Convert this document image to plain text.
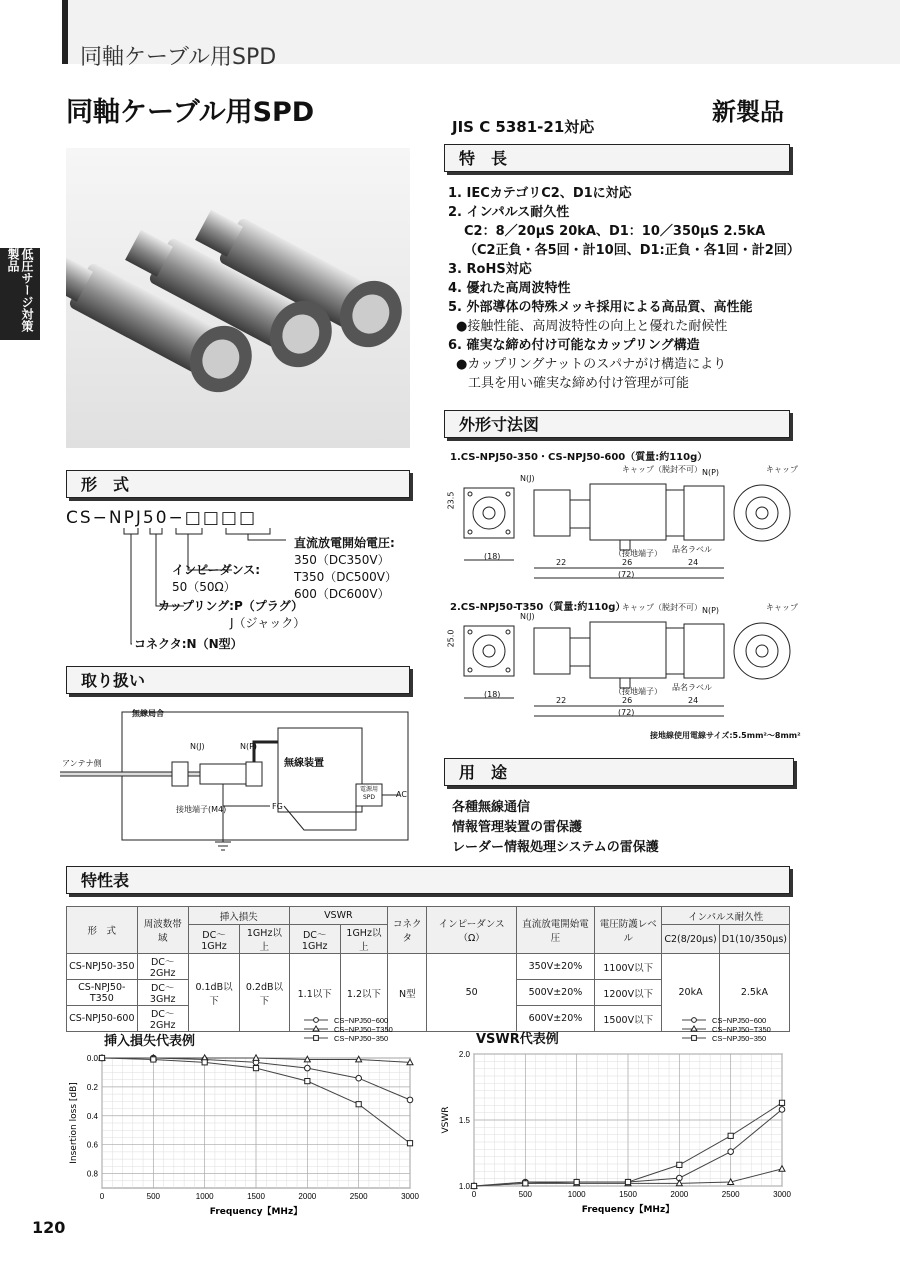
同軸ケーブル用SPD
低圧サージ対策製品
同軸ケーブル用SPD	JIS C 5381-21対応
新製品
特　長
1. IECカテゴリC2、D1に対応
2. インパルス耐久性
C2：8／20μS 20kA、D1：10／350μS 2.5kA
（C2正負・各5回・計10回、D1:正負・各1回・計2回）
3. RoHS対応
4. 優れた高周波特性
5. 外部導体の特殊メッキ採用による高品質、高性能
●接触性能、高周波特性の向上と優れた耐候性
6. 確実な締め付け可能なカップリング構造
●カップリングナットのスパナがけ構造により
工具を用い確実な締め付け管理が可能
形　式
CS−NPJ50−□□□□
直流放電開始電圧:
350（DC350V）
T350（DC500V）
600（DC600V）
インピーダンス:
50（50Ω）
カップリング:P（プラグ）
J（ジャック）
コネクタ:N（N型）
取り扱い
無線局舎
アンテナ側
N(J)	N(P)
無線装置
接地端子(M4)	FG
電源用SPD	AC
外形寸法図
1.CS-NPJ50-350・CS-NPJ50-600（質量:約110g）
2.CS-NPJ50-T350（質量:約110g）
23.5
25.0
(18)
(18)
22	26	24
(72)
22	26	24
(72)
N(J)
N(J)
N(P)
N(P)
キャップ（脱封不可）
キャップ（脱封不可）
キャップ
キャップ
（接地端子）
（接地端子）
品名ラベル
品名ラベル
接地線使用電線サイズ:5.5mm²〜8mm²
用　途
各種無線通信
情報管理装置の雷保護
レーダー情報処理システムの雷保護
特性表
形　式	周波数帯域	挿入損失		VSWR		コネクタ	インピーダンス（Ω）	直流放電開始電圧	電圧防護レベル	インパルス耐久性	
		DC〜1GHz	1GHz以上	DC〜1GHz	1GHz以上					C2(8/20μs)	D1(10/350μs)
CS-NPJ50-350	DC〜2GHz	0.1dB以下	0.2dB以下	1.1以下	1.2以下	N型	50	350V±20%	1100V以下	20kA	2.5kA
CS-NPJ50-T350	DC〜3GHz							500V±20%	1200V以下		
CS-NPJ50-600	DC〜2GHz							600V±20%	1500V以下		
挿入損失代表例	VSWR代表例
0	500	1000	1500	2000	2500	3000
0.0
0.2
0.4
0.6
0.8
Frequency【MHz】
Insertion loss [dB]
CS−NPJ50−600
CS−NPJ50−T350
CS−NPJ50−350
0	500	1000	1500	2000	2500	3000
1.0
1.5
2.0
Frequency【MHz】
VSWR
CS−NPJ50−600
CS−NPJ50−T350
CS−NPJ50−350
120
